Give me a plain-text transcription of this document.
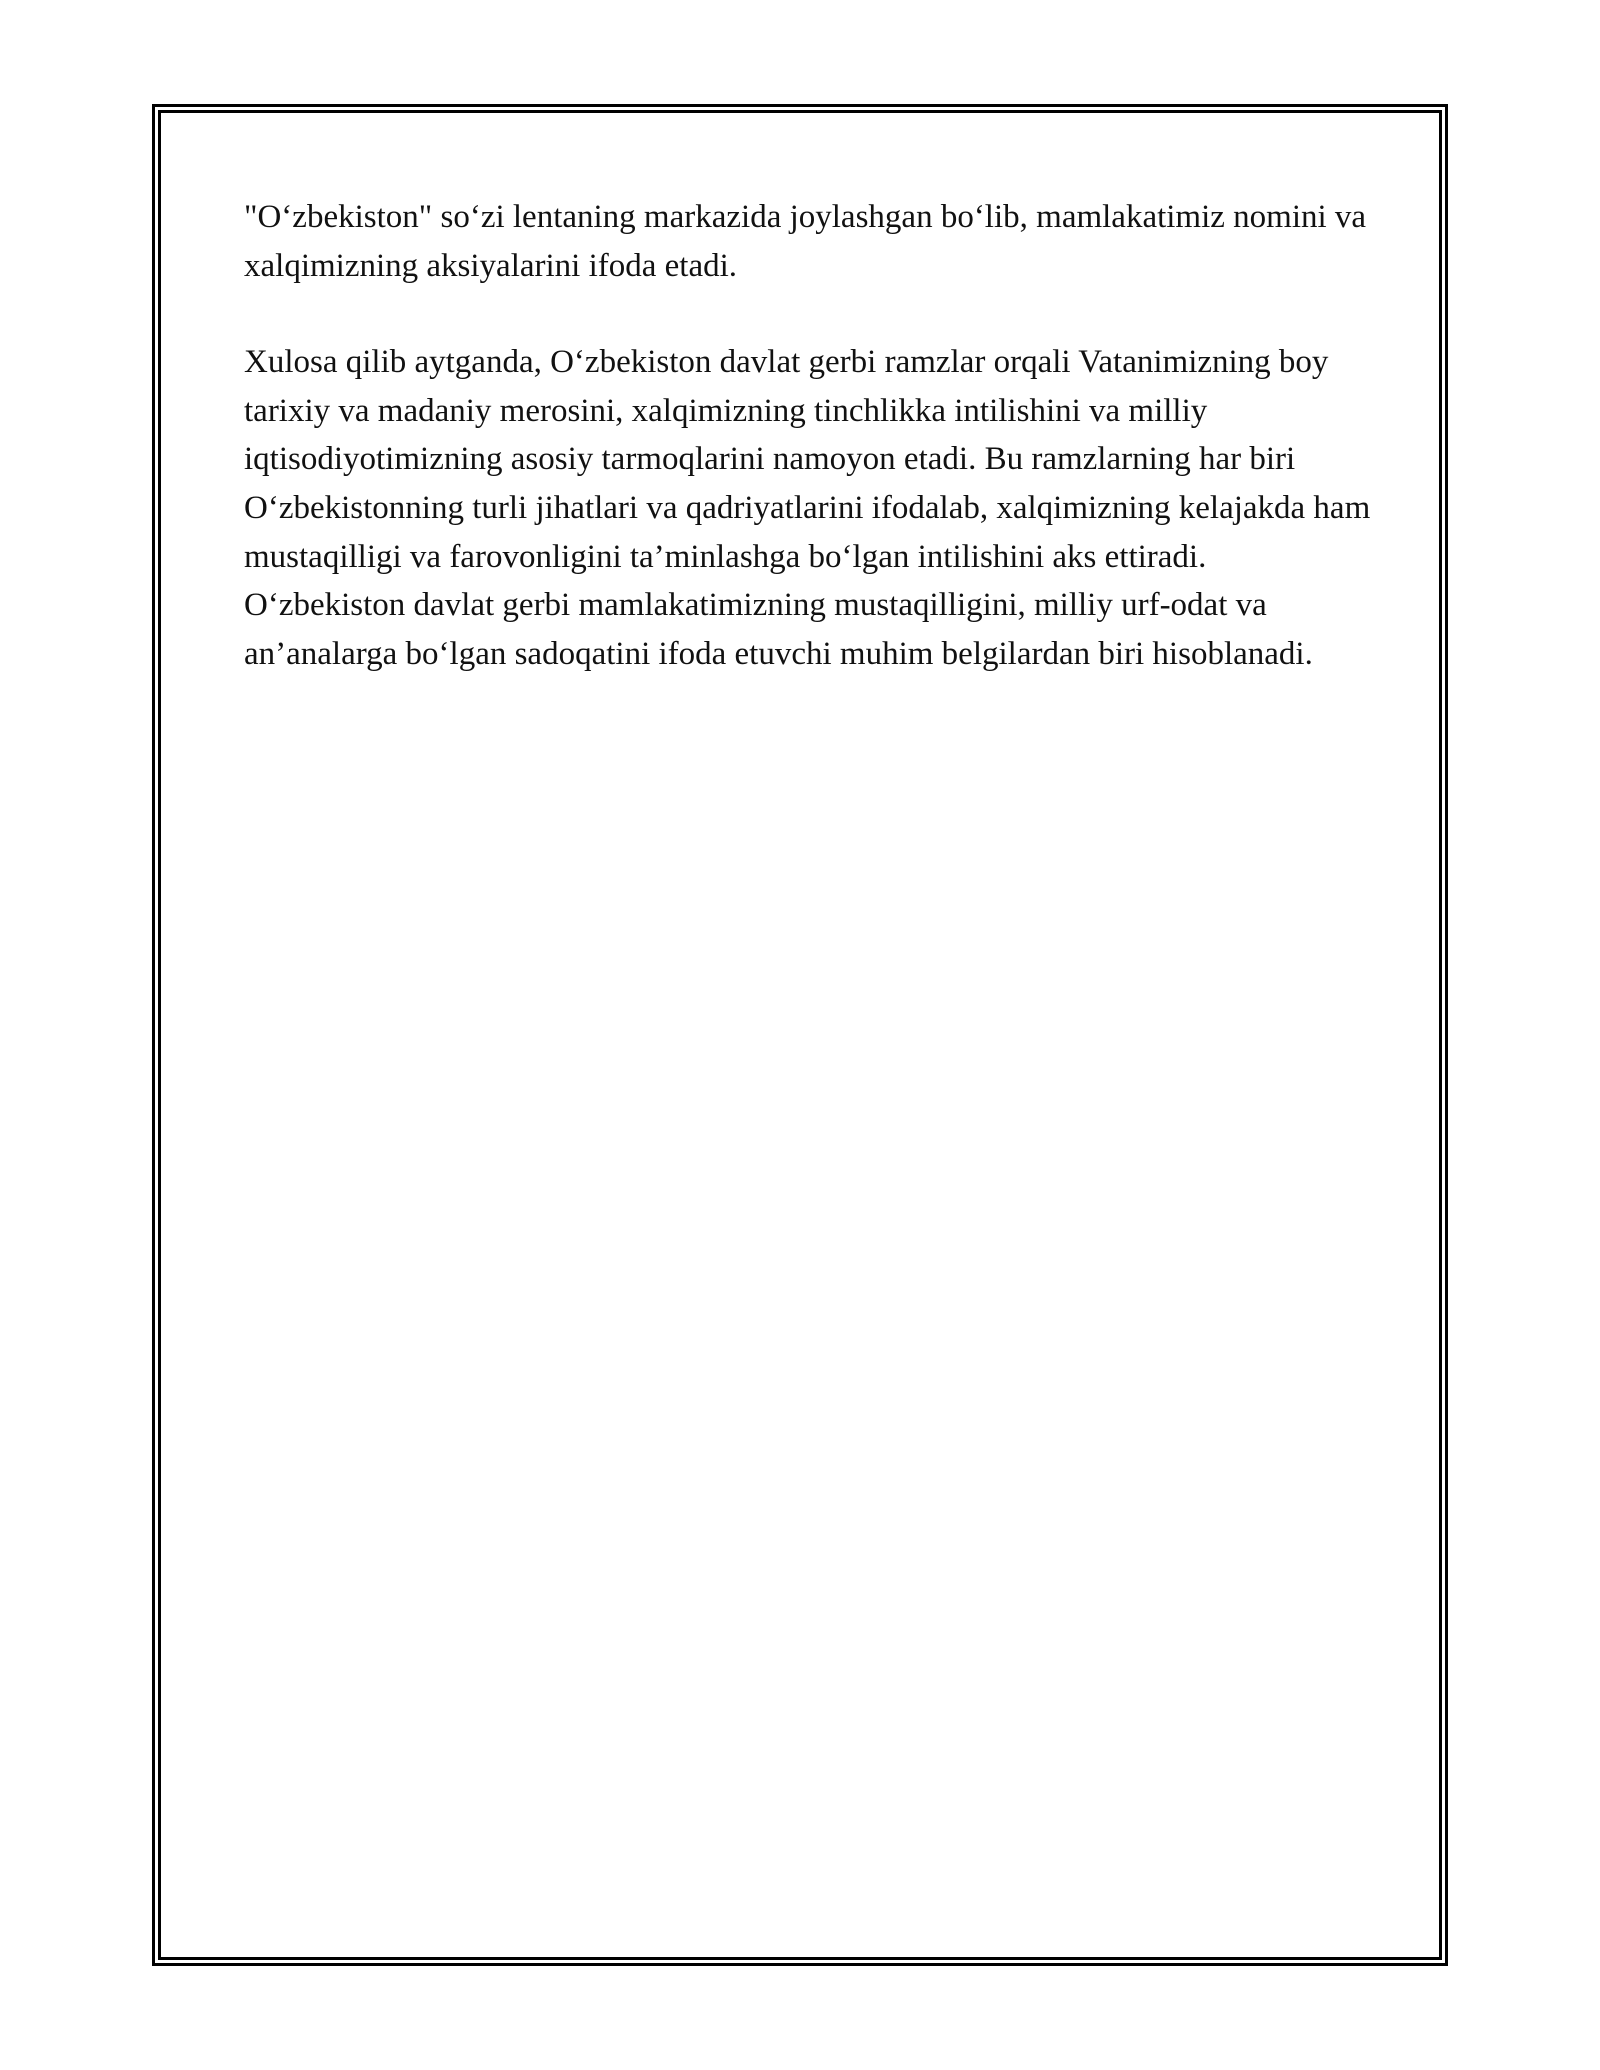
"O‘zbekiston" so‘zi lentaning markazida joylashgan bo‘lib, mamlakatimiz nomini va xalqimizning aksiyalarini ifoda etadi.

Xulosa qilib aytganda, O‘zbekiston davlat gerbi ramzlar orqali Vatanimizning boy tarixiy va madaniy merosini, xalqimizning tinchlikka intilishini va milliy iqtisodiyotimizning asosiy tarmoqlarini namoyon etadi. Bu ramzlarning har biri O‘zbekistonning turli jihatlari va qadriyatlarini ifodalab, xalqimizning kelajakda ham mustaqilligi va farovonligini ta’minlashga bo‘lgan intilishini aks ettiradi. O‘zbekiston davlat gerbi mamlakatimizning mustaqilligini, milliy urf-odat va an’analarga bo‘lgan sadoqatini ifoda etuvchi muhim belgilardan biri hisoblanadi.
